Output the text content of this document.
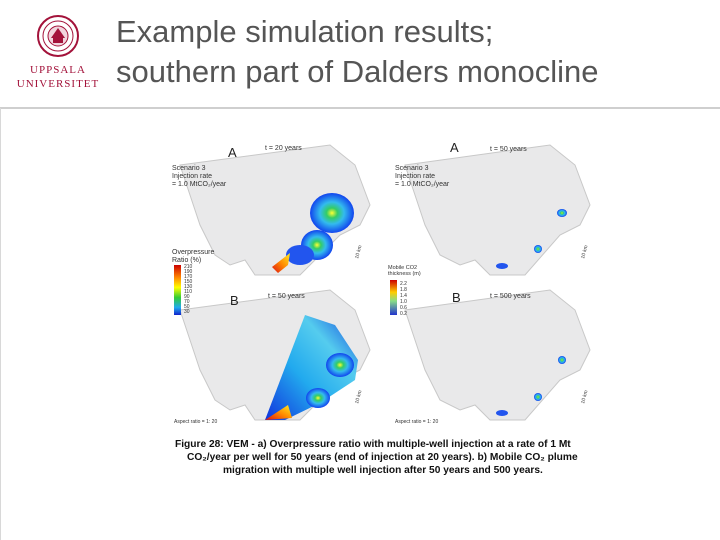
UPPSALA
UNIVERSITET
Example simulation results;
southern part of Dalders monocline
A	A
B	B
t = 20 years	t = 50 years
t = 50 years	t = 500 years
Scenario 3
Injection rate
= 1.0 MtCO₂/year
Scenario 3
Injection rate
= 1.0 MtCO₂/year
Overpressure
Ratio (%)
210
190
170
150
130
110
90
70
50
30
Mobile CO2
thickness (m)
2.2
1.8
1.4
1.0
0.6
0.2
Aspect ratio = 1: 20	Aspect ratio = 1: 20
10 km	10 km
10 km	10 km
Figure 28: VEM - a) Overpressure ratio with multiple-well injection at a rate of 1 Mt
CO₂/year per well for 50 years (end of injection at 20 years). b) Mobile CO₂ plume
migration with multiple well injection after 50 years and 500 years.
